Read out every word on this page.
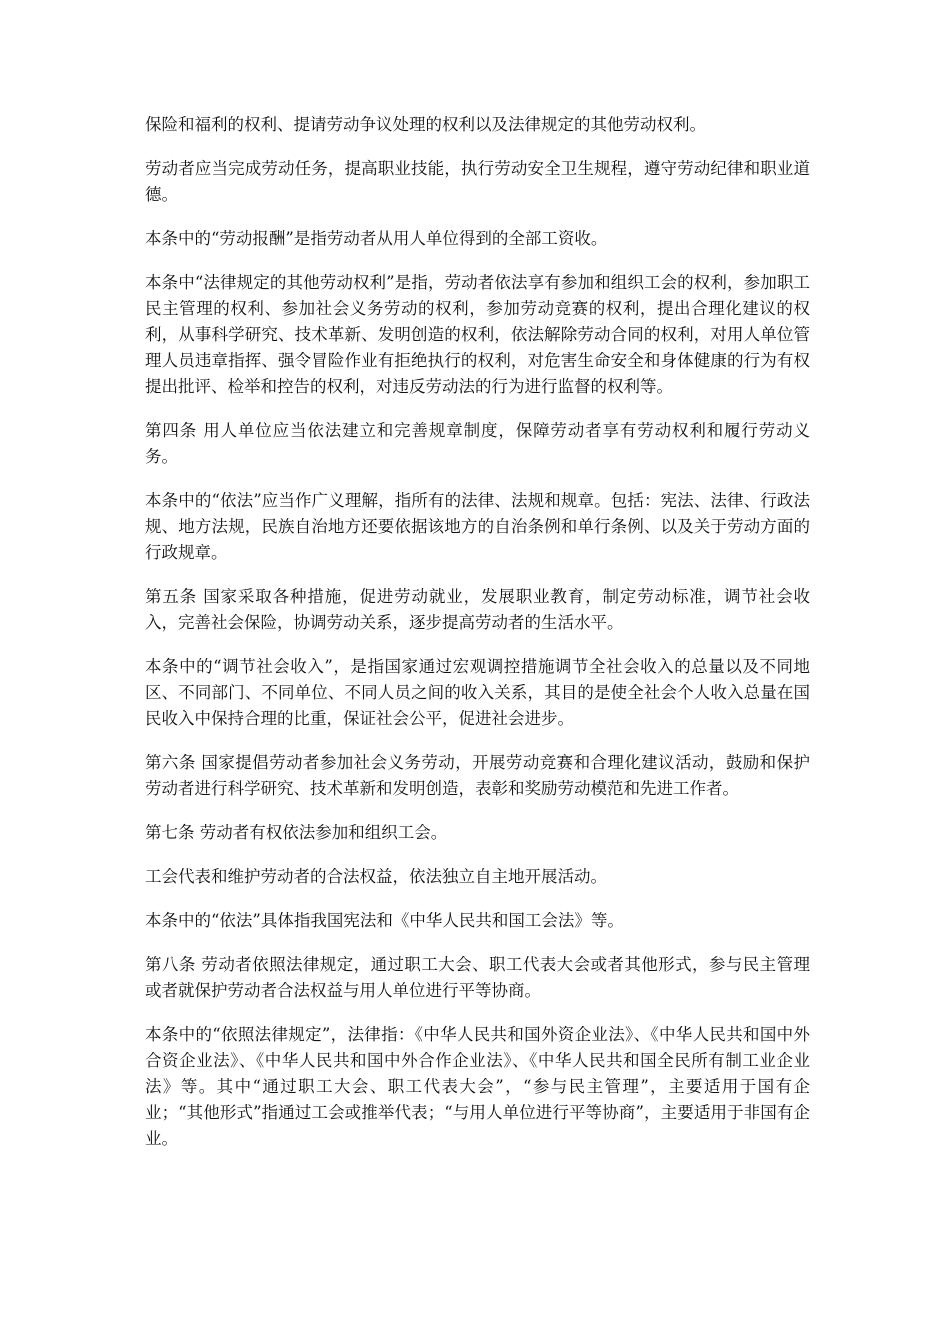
保险和福利的权利、提请劳动争议处理的权利以及法律规定的其他劳动权利。

劳动者应当完成劳动任务，提高职业技能，执行劳动安全卫生规程，遵守劳动纪律和职业道德。

本条中的“劳动报酬”是指劳动者从用人单位得到的全部工资收。

本条中“法律规定的其他劳动权利”是指，劳动者依法享有参加和组织工会的权利，参加职工民主管理的权利、参加社会义务劳动的权利，参加劳动竞赛的权利，提出合理化建议的权利，从事科学研究、技术革新、发明创造的权利，依法解除劳动合同的权利，对用人单位管理人员违章指挥、强令冒险作业有拒绝执行的权利，对危害生命安全和身体健康的行为有权提出批评、检举和控告的权利，对违反劳动法的行为进行监督的权利等。

第四条 用人单位应当依法建立和完善规章制度，保障劳动者享有劳动权利和履行劳动义务。

本条中的“依法”应当作广义理解，指所有的法律、法规和规章。包括：宪法、法律、行政法规、地方法规，民族自治地方还要依据该地方的自治条例和单行条例、以及关于劳动方面的行政规章。

第五条 国家采取各种措施，促进劳动就业，发展职业教育，制定劳动标准，调节社会收入，完善社会保险，协调劳动关系，逐步提高劳动者的生活水平。

本条中的“调节社会收入”，是指国家通过宏观调控措施调节全社会收入的总量以及不同地区、不同部门、不同单位、不同人员之间的收入关系，其目的是使全社会个人收入总量在国民收入中保持合理的比重，保证社会公平，促进社会进步。

第六条 国家提倡劳动者参加社会义务劳动，开展劳动竞赛和合理化建议活动，鼓励和保护劳动者进行科学研究、技术革新和发明创造，表彰和奖励劳动模范和先进工作者。

第七条 劳动者有权依法参加和组织工会。

工会代表和维护劳动者的合法权益，依法独立自主地开展活动。

本条中的“依法”具体指我国宪法和《中华人民共和国工会法》等。

第八条 劳动者依照法律规定，通过职工大会、职工代表大会或者其他形式，参与民主管理或者就保护劳动者合法权益与用人单位进行平等协商。

本条中的“依照法律规定”，法律指：《中华人民共和国外资企业法》、《中华人民共和国中外合资企业法》、《中华人民共和国中外合作企业法》、《中华人民共和国全民所有制工业企业法》等。其中“通过职工大会、职工代表大会”，“参与民主管理”，主要适用于国有企业；“其他形式”指通过工会或推举代表；“与用人单位进行平等协商”，主要适用于非国有企业。
